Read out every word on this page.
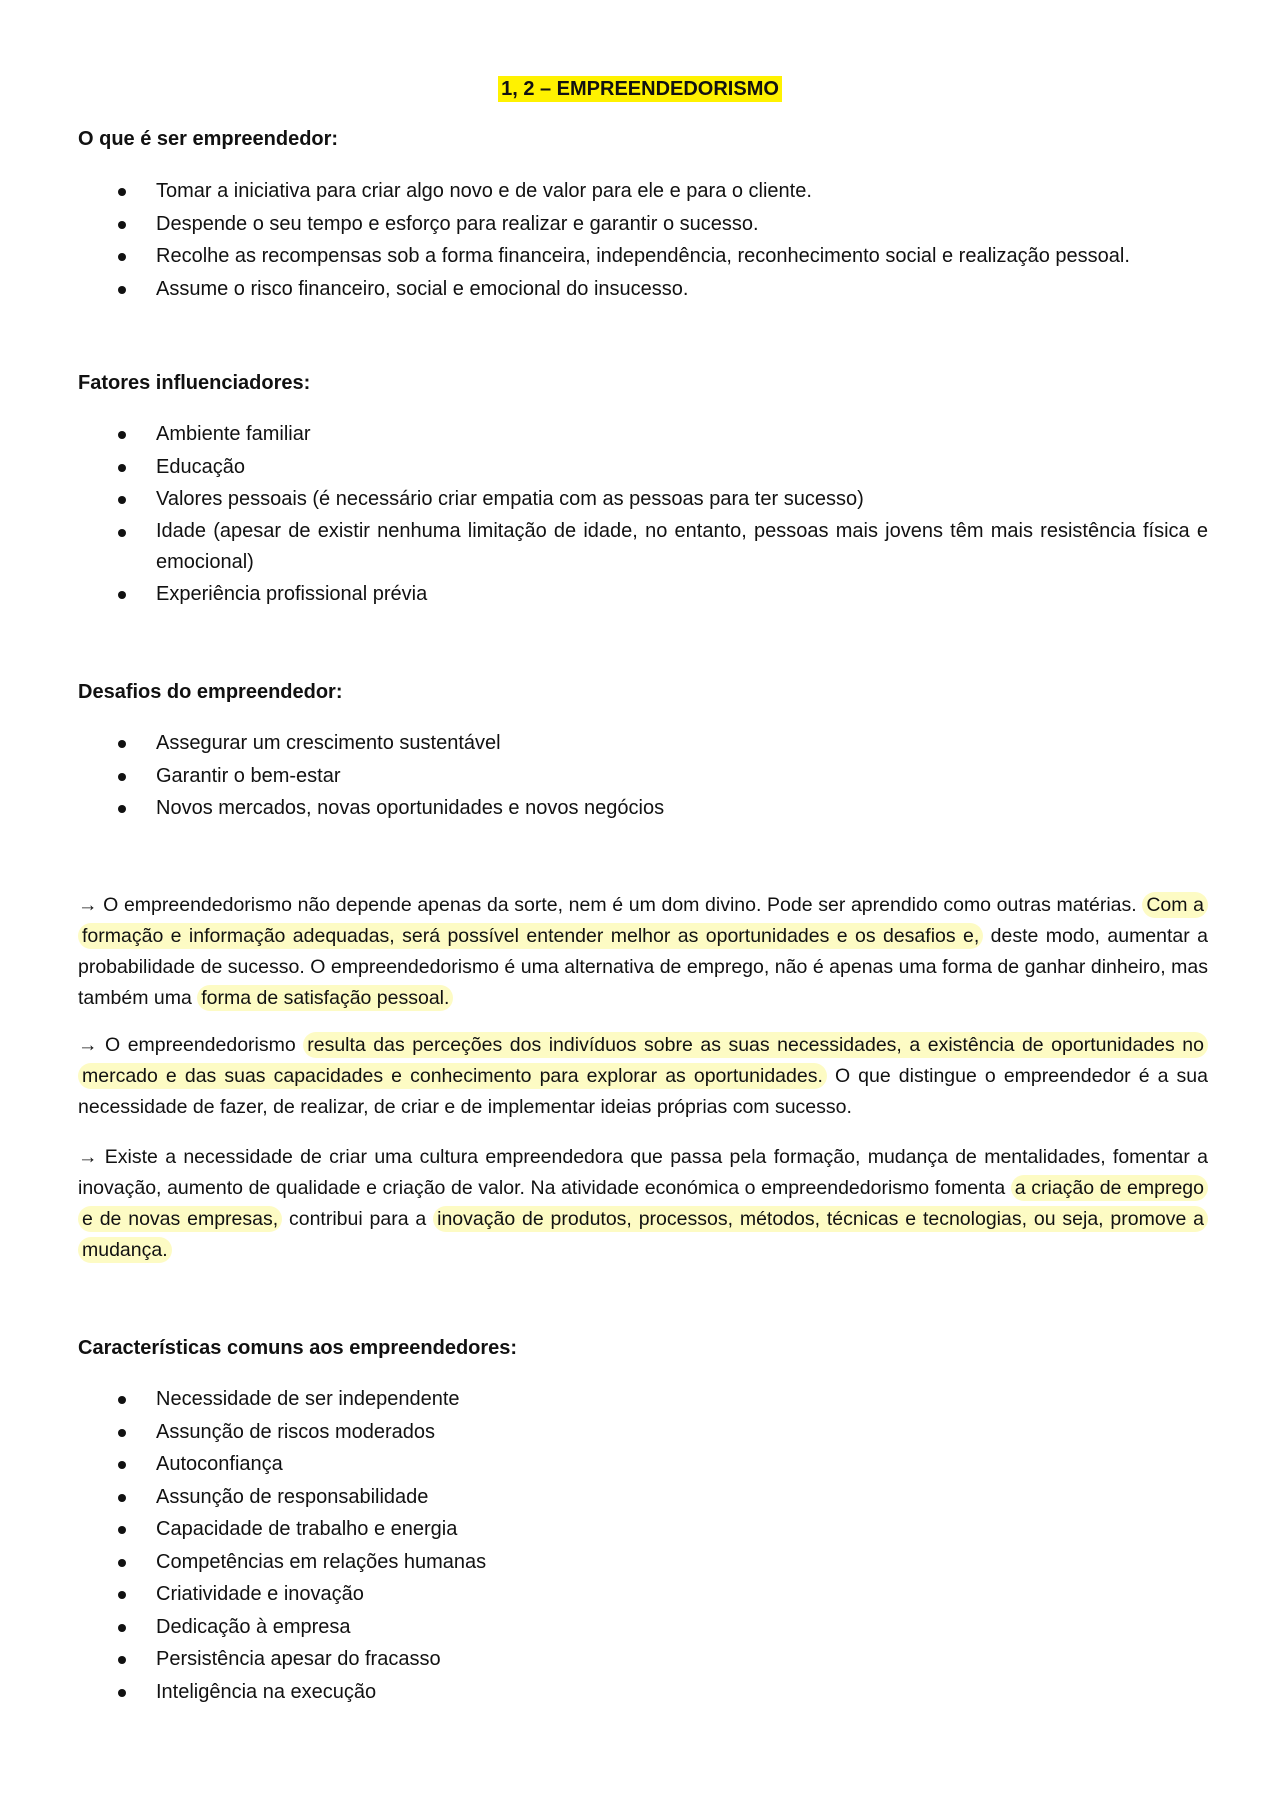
1, 2 – EMPREENDEDORISMO
O que é ser empreendedor:
Tomar a iniciativa para criar algo novo e de valor para ele e para o cliente.
Despende o seu tempo e esforço para realizar e garantir o sucesso.
Recolhe as recompensas sob a forma financeira, independência, reconhecimento social e realização pessoal.
Assume o risco financeiro, social e emocional do insucesso.
Fatores influenciadores:
Ambiente familiar
Educação
Valores pessoais (é necessário criar empatia com as pessoas para ter sucesso)
Idade (apesar de existir nenhuma limitação de idade, no entanto, pessoas mais jovens têm mais resistência física e emocional)
Experiência profissional prévia
Desafios do empreendedor:
Assegurar um crescimento sustentável
Garantir o bem-estar
Novos mercados, novas oportunidades e novos negócios

→ O empreendedorismo não depende apenas da sorte, nem é um dom divino. Pode ser aprendido como outras matérias. Com a formação e informação adequadas, será possível entender melhor as oportunidades e os desafios e, deste modo, aumentar a probabilidade de sucesso. O empreendedorismo é uma alternativa de emprego, não é apenas uma forma de ganhar dinheiro, mas também uma forma de satisfação pessoal.

→ O empreendedorismo resulta das perceções dos indivíduos sobre as suas necessidades, a existência de oportunidades no mercado e das suas capacidades e conhecimento para explorar as oportunidades. O que distingue o empreendedor é a sua necessidade de fazer, de realizar, de criar e de implementar ideias próprias com sucesso.

→ Existe a necessidade de criar uma cultura empreendedora que passa pela formação, mudança de mentalidades, fomentar a inovação, aumento de qualidade e criação de valor. Na atividade económica o empreendedorismo fomenta a criação de emprego e de novas empresas, contribui para a inovação de produtos, processos, métodos, técnicas e tecnologias, ou seja, promove a mudança.

Características comuns aos empreendedores:
Necessidade de ser independente
Assunção de riscos moderados
Autoconfiança
Assunção de responsabilidade
Capacidade de trabalho e energia
Competências em relações humanas
Criatividade e inovação
Dedicação à empresa
Persistência apesar do fracasso
Inteligência na execução
